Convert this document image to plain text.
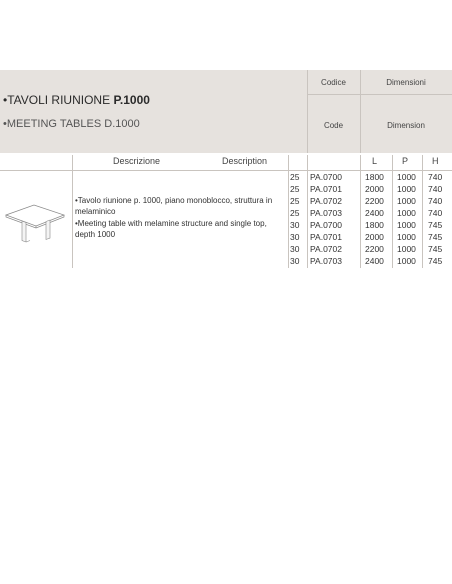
•TAVOLI RIUNIONE P.1000
•MEETING TABLES D.1000
Codice	Dimensioni
Code	Dimension
Descrizione	Description	L	P	H

•Tavolo riunione p. 1000, piano monoblocco, struttura in melaminico

•Meeting table with melamine structure and single top, depth 1000

25	PA.0700	1800 1000 740
25	PA.0701	2000 1000 740
25	PA.0702	2200 1000 740
25	PA.0703	2400 1000 740
30	PA.0700	1800 1000 745
30	PA.0701	2000 1000 745
30	PA.0702	2200 1000 745
30	PA.0703	2400 1000 745
